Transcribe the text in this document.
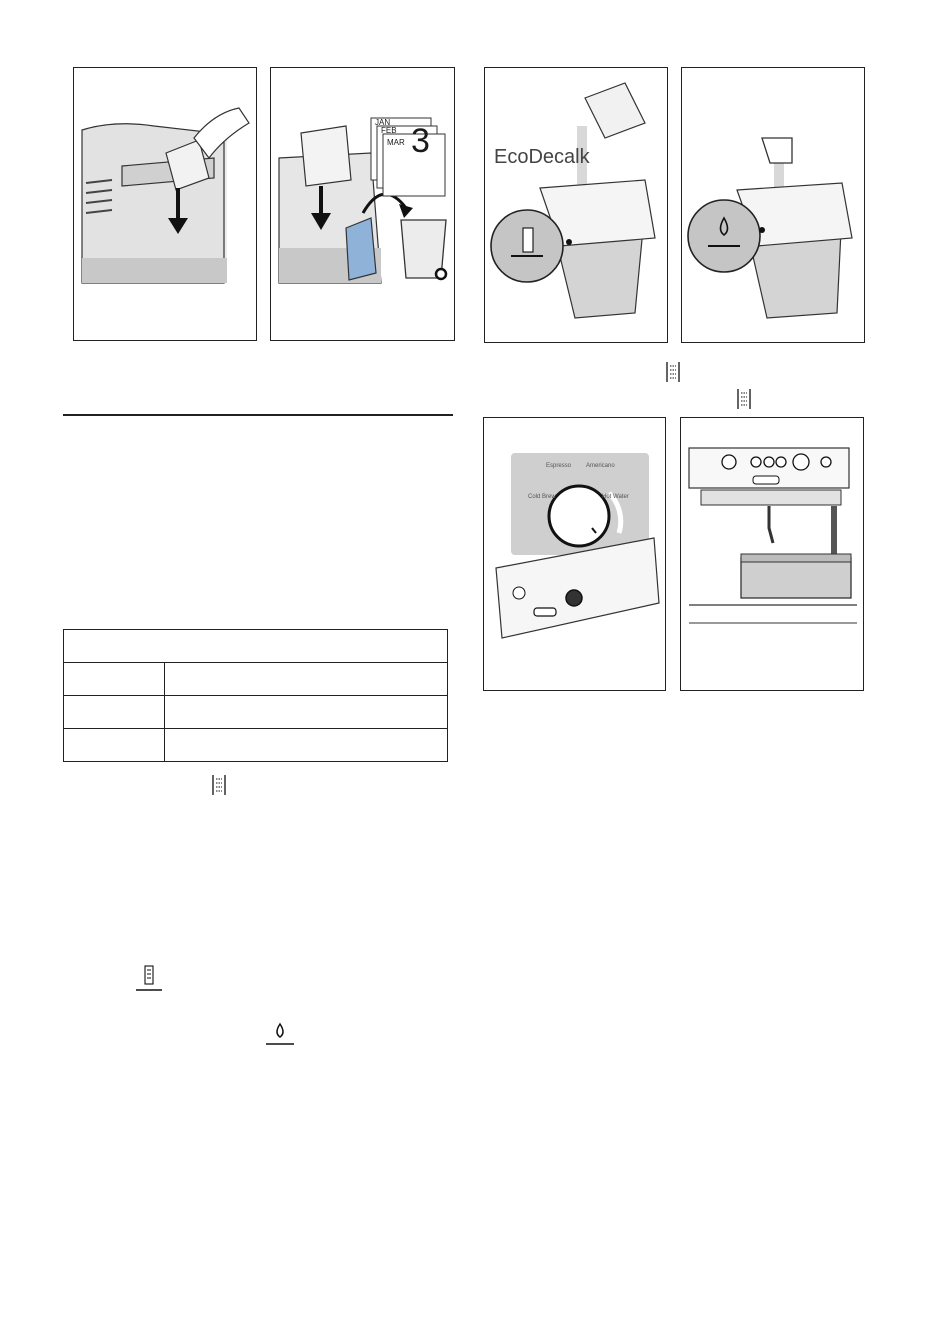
JAN
FEB
MAR 3	EcoDecalk
Espresso Americano
Cold Brew	Hot Water
